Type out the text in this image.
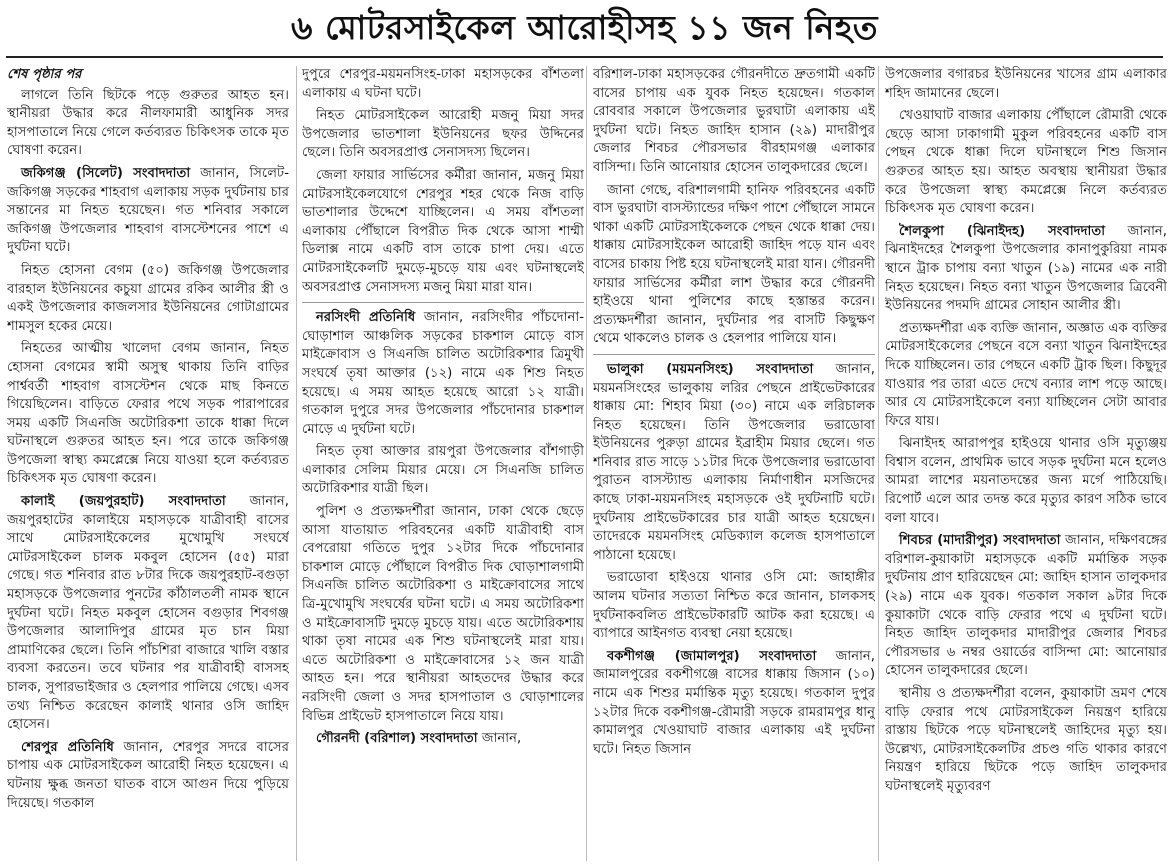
৬ মোটরসাইকেল আরোহীসহ ১১ জন নিহত
শেষ পৃষ্ঠার পর

লাগলে তিনি ছিটকে পড়ে গুরুতর আহত হন। স্থানীয়রা উদ্ধার করে নীলফামারী আধুনিক সদর হাসপাতালে নিয়ে গেলে কর্তব্যরত চিকিৎসক তাকে মৃত ঘোষণা করেন।

জকিগঞ্জ (সিলেট) সংবাদদাতা জানান, সিলেট-জকিগঞ্জ সড়কের শাহবাগ এলাকায় সড়ক দুর্ঘটনায় চার সন্তানের মা নিহত হয়েছেন। গত শনিবার সকালে জকিগঞ্জ উপজেলার শাহবাগ বাসস্টেশনের পাশে এ দুর্ঘটনা ঘটে।

নিহত হোসনা বেগম (৫০) জকিগঞ্জ উপজেলার বারহাল ইউনিয়নের কচুয়া গ্রামের রকিব আলীর স্ত্রী ও একই উপজেলার কাজলসার ইউনিয়নের গোটাগ্রামের শামসুল হকের মেয়ে।

নিহতের আত্মীয় খালেদা বেগম জানান, নিহত হোসনা বেগমের স্বামী অসুস্থ থাকায় তিনি বাড়ির পার্শ্ববর্তী শাহবাগ বাসস্টেশন থেকে মাছ কিনতে গিয়েছিলেন। বাড়িতে ফেরার পথে সড়ক পারাপারের সময় একটি সিএনজি অটোরিকশা তাকে ধাক্কা দিলে ঘটনাস্থলে গুরুতর আহত হন। পরে তাকে জকিগঞ্জ উপজেলা স্বাস্থ্য কমপ্লেক্সে নিয়ে যাওয়া হলে কর্তব্যরত চিকিৎসক মৃত ঘোষণা করেন।

কালাই (জয়পুরহাট) সংবাদদাতা জানান, জয়পুরহাটের কালাইয়ে মহাসড়কে যাত্রীবাহী বাসের সাথে মোটরসাইকেলের মুখোমুখি সংঘর্ষে মোটরসাইকেল চালক মকবুল হোসেন (৫৫) মারা গেছে। গত শনিবার রাত ৮টার দিকে জয়পুরহাট-বগুড়া মহাসড়কে উপজেলার পুনটের কাঁঠালতলী নামক স্থানে দুর্ঘটনা ঘটে। নিহত মকবুল হোসেন বগুড়ার শিবগঞ্জ উপজেলার আলাদিপুর গ্রামের মৃত চান মিয়া প্রামাণিকের ছেলে। তিনি পাঁচশিরা বাজারে খালি বস্তার ব্যবসা করতেন। তবে ঘটনার পর যাত্রীবাহী বাসসহ চালক, সুপারভাইজার ও হেলপার পালিয়ে গেছে। এসব তথ্য নিশ্চিত করেছেন কালাই থানার ওসি জাহিদ হোসেন।

শেরপুর প্রতিনিধি জানান, শেরপুর সদরে বাসের চাপায় এক মোটরসাইকেল আরোহী নিহত হয়েছেন। এ ঘটনায় ক্ষুব্ধ জনতা ঘাতক বাসে আগুন দিয়ে পুড়িয়ে দিয়েছে। গতকাল

দুপুরে শেরপুর-ময়মনসিংহ-ঢাকা মহাসড়কের বাঁশতলা এলাকায় এ ঘটনা ঘটে।

নিহত মোটরসাইকেল আরোহী মজনু মিয়া সদর উপজেলার ভাতশালা ইউনিয়নের ছফর উদ্দিনের ছেলে। তিনি অবসরপ্রাপ্ত সেনাসদস্য ছিলেন।

জেলা ফায়ার সার্ভিসের কর্মীরা জানান, মজনু মিয়া মোটরসাইকেলযোগে শেরপুর শহর থেকে নিজ বাড়ি ভাতশালার উদ্দেশে যাচ্ছিলেন। এ সময় বাঁশতলা এলাকায় পৌঁছালে বিপরীত দিক থেকে আসা শাম্মী ডিলাক্স নামে একটি বাস তাকে চাপা দেয়। এতে মোটরসাইকেলটি দুমড়ে-মুচড়ে যায় এবং ঘটনাস্থলেই অবসরপ্রাপ্ত সেনাসদস্য মজনু মিয়া মারা যান।

নরসিংদী প্রতিনিধি জানান, নরসিংদীর পাঁচদোনা-ঘোড়াশাল আঞ্চলিক সড়কের চাকশাল মোড়ে বাস মাইক্রোবাস ও সিএনজি চালিত অটোরিকশার ত্রিমুখী সংঘর্ষে তৃষা আক্তার (১২) নামে এক শিশু নিহত হয়েছে। এ সময় আহত হয়েছে আরো ১২ যাত্রী। গতকাল দুপুরে সদর উপজেলার পাঁচদোনার চাকশাল মোড়ে এ দুর্ঘটনা ঘটে।

নিহত তৃষা আক্তার রায়পুরা উপজেলার বাঁশগাড়ী এলাকার সেলিম মিয়ার মেয়ে। সে সিএনজি চালিত অটোরিকশার যাত্রী ছিল।

পুলিশ ও প্রত্যক্ষদর্শীরা জানান, ঢাকা থেকে ছেড়ে আসা যাতায়াত পরিবহনের একটি যাত্রীবাহী বাস বেপরোয়া গতিতে দুপুর ১২টার দিকে পাঁচদোনার চাকশাল মোড়ে পৌঁছালে বিপরীত দিক ঘোড়াশালগামী সিএনজি চালিত অটোরিকশা ও মাইক্রোবাসের সাথে ত্রি-মুখোমুখি সংঘর্ষের ঘটনা ঘটে। এ সময় অটোরিকশা ও মাইক্রোবাসটি দুমড়ে মুচড়ে যায়। এতে অটোরিকশায় থাকা তৃষা নামের এক শিশু ঘটনাস্থলেই মারা যায়। এতে অটোরিকশা ও মাইক্রোবাসের ১২ জন যাত্রী আহত হন। পরে স্থানীয়রা আহতদের উদ্ধার করে নরসিংদী জেলা ও সদর হাসপাতাল ও ঘোড়াশালের বিভিন্ন প্রাইভেট হাসপাতালে নিয়ে যায়।

গৌরনদী (বরিশাল) সংবাদদাতা জানান,

বরিশাল-ঢাকা মহাসড়কের গৌরনদীতে দ্রুতগামী একটি বাসের চাপায় এক যুবক নিহত হয়েছেন। গতকাল রোববার সকালে উপজেলার ভুরঘাটা এলাকায় এই দুর্ঘটনা ঘটে। নিহত জাহিদ হাসান (২৯) মাদারীপুর জেলার শিবচর পৌরসভার বীরহামগঞ্জ এলাকার বাসিন্দা। তিনি আনোয়ার হোসেন তালুকদারের ছেলে।

জানা গেছে, বরিশালগামী হানিফ পরিবহনের একটি বাস ভুরঘাটা বাসস্ট্যান্ডের দক্ষিণ পাশে পৌঁছালে সামনে থাকা একটি মোটরসাইকেলকে পেছন থেকে ধাক্কা দেয়। ধাক্কায় মোটরসাইকেল আরোহী জাহিদ পড়ে যান এবং বাসের চাকায় পিষ্ট হয়ে ঘটনাস্থলেই মারা যান। গৌরনদী ফায়ার সার্ভিসের কর্মীরা লাশ উদ্ধার করে গৌরনদী হাইওয়ে থানা পুলিশের কাছে হস্তান্তর করেন। প্রত্যক্ষদর্শীরা জানান, দুর্ঘটনার পর বাসটি কিছুক্ষণ থেমে থাকলেও চালক ও হেলপার পালিয়ে যান।

ভালুকা (ময়মনসিংহ) সংবাদদাতা জানান, ময়মনসিংহের ভালুকায় লরির পেছনে প্রাইভেটকারের ধাক্কায় মো: শিহাব মিয়া (৩০) নামে এক লরিচালক নিহত হয়েছেন। তিনি উপজেলার ভরাডোবা ইউনিয়নের পুরুড়া গ্রামের ইব্রাহীম মিয়ার ছেলে। গত শনিবার রাত সাড়ে ১১টার দিকে উপজেলার ভরাডোবা পুরাতন বাসস্ট্যান্ড এলাকায় নির্মাণাধীন মসজিদের কাছে ঢাকা-ময়মনসিংহ মহাসড়কে ওই দুর্ঘটনাটি ঘটে। দুর্ঘটনায় প্রাইভেটকারের চার যাত্রী আহত হয়েছেন। তাদেরকে ময়মনসিংহ মেডিক্যাল কলেজ হাসপাতালে পাঠানো হয়েছে।

ভরাডোবা হাইওয়ে থানার ওসি মো: জাহাঙ্গীর আলম ঘটনার সত্যতা নিশ্চিত করে জানান, চালকসহ দুর্ঘটনাকবলিত প্রাইভেটকারটি আটক করা হয়েছে। এ ব্যাপারে আইনগত ব্যবস্থা নেয়া হয়েছে।

বকশীগঞ্জ (জামালপুর) সংবাদদাতা জানান, জামালপুরের বকশীগঞ্জে বাসের ধাক্কায় জিসান (১০) নামে এক শিশুর মর্মান্তিক মৃত্যু হয়েছে। গতকাল দুপুর ১২টার দিকে বকশীগঞ্জ-রৌমারী সড়কে রামরামপুর ধানু কামালপুর খেওয়াঘাট বাজার এলাকায় এই দুর্ঘটনা ঘটে। নিহত জিসান

উপজেলার বগারচর ইউনিয়নের খাসের গ্রাম এলাকার শহিদ জামানের ছেলে।

খেওয়াঘাট বাজার এলাকায় পৌঁছালে রৌমারী থেকে ছেড়ে আসা ঢাকাগামী মুকুল পরিবহনের একটি বাস পেছন থেকে ধাক্কা দিলে ঘটনাস্থলে শিশু জিসান গুরুতর আহত হয়। আহত অবস্থায় স্থানীয়রা উদ্ধার করে উপজেলা স্বাস্থ্য কমপ্লেক্সে নিলে কর্তব্যরত চিকিৎসক মৃত ঘোষণা করেন।

শৈলকুপা (ঝিনাইদহ) সংবাদদাতা জানান, ঝিনাইদহের শৈলকুপা উপজেলার কানাপুকুরিয়া নামক স্থানে ট্রাক চাপায় বন্যা খাতুন (১৯) নামের এক নারী নিহত হয়েছেন। নিহত বন্যা খাতুন উপজেলার ত্রিবেনী ইউনিয়নের পদমদি গ্রামের সোহান আলীর স্ত্রী।

প্রত্যক্ষদর্শীরা এক ব্যক্তি জানান, অজ্ঞাত এক ব্যক্তির মোটরসাইকেলের পেছনে বসে বন্যা খাতুন ঝিনাইদহের দিকে যাচ্ছিলেন। তার পেছনে একটি ট্রাক ছিল। কিছুদূর যাওয়ার পর তারা এতে দেখে বন্যার লাশ পড়ে আছে। আর যে মোটরসাইকেলে বন্যা যাচ্ছিলেন সেটা আবার ফিরে যায়।

ঝিনাইদহ আরাপপুর হাইওয়ে থানার ওসি মৃত্যুঞ্জয় বিশ্বাস বলেন, প্রাথমিক ভাবে সড়ক দুর্ঘটনা মনে হলেও আমরা লাশের ময়নাতদন্তের জন্য মর্গে পাঠিয়েছি। রিপোর্ট এলে আর তদন্ত করে মৃত্যুর কারণ সঠিক ভাবে বলা যাবে।

শিবচর (মাদারীপুর) সংবাদদাতা জানান, দক্ষিণবঙ্গের বরিশাল-কুয়াকাটা মহাসড়কে একটি মর্মান্তিক সড়ক দুর্ঘটনায় প্রাণ হারিয়েছেন মো: জাহিদ হাসান তালুকদার (২৯) নামে এক যুবক। গতকাল সকাল ৯টার দিকে কুয়াকাটা থেকে বাড়ি ফেরার পথে এ দুর্ঘটনা ঘটে। নিহত জাহিদ তালুকদার মাদারীপুর জেলার শিবচর পৌরসভার ৬ নম্বর ওয়ার্ডের বাসিন্দা মো: আনোয়ার হোসেন তালুকদারের ছেলে।

স্থানীয় ও প্রত্যক্ষদর্শীরা বলেন, কুয়াকাটা ভ্রমণ শেষে বাড়ি ফেরার পথে মোটরসাইকেল নিয়ন্ত্রণ হারিয়ে রাস্তায় ছিটকে পড়ে ঘটনাস্থলেই জাহিদের মৃত্যু হয়। উল্লেখ্য, মোটরসাইকেলটির প্রচণ্ড গতি থাকার কারণে নিয়ন্ত্রণ হারিয়ে ছিটকে পড়ে জাহিদ তালুকদার ঘটনাস্থলেই মৃত্যুবরণ
